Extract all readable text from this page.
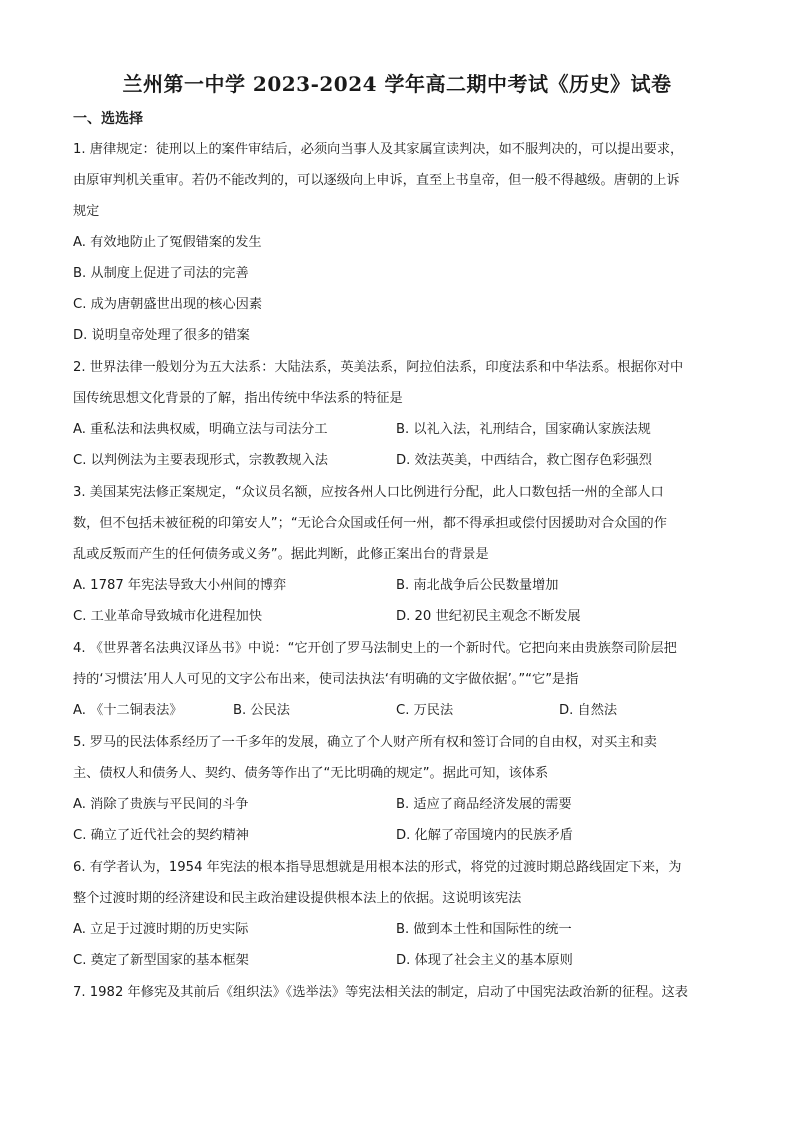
兰州第一中学 2023-2024 学年高二期中考试《历史》试卷
一、选选择
1. 唐律规定：徒刑以上的案件审结后，必须向当事人及其家属宣读判决，如不服判决的，可以提出要求，
由原审判机关重审。若仍不能改判的，可以逐级向上申诉，直至上书皇帝，但一般不得越级。唐朝的上诉
规定
A. 有效地防止了冤假错案的发生
B. 从制度上促进了司法的完善
C. 成为唐朝盛世出现的核心因素
D. 说明皇帝处理了很多的错案
2. 世界法律一般划分为五大法系：大陆法系，英美法系，阿拉伯法系，印度法系和中华法系。根据你对中
国传统思想文化背景的了解，指出传统中华法系的特征是
A. 重私法和法典权威，明确立法与司法分工	B. 以礼入法，礼刑结合，国家确认家族法规
C. 以判例法为主要表现形式，宗教教规入法	D. 效法英美，中西结合，救亡图存色彩强烈
3. 美国某宪法修正案规定，“众议员名额，应按各州人口比例进行分配，此人口数包括一州的全部人口
数，但不包括未被征税的印第安人”；“无论合众国或任何一州，都不得承担或偿付因援助对合众国的作
乱或反叛而产生的任何债务或义务”。据此判断，此修正案出台的背景是
A. 1787 年宪法导致大小州间的博弈	B. 南北战争后公民数量增加
C. 工业革命导致城市化进程加快	D. 20 世纪初民主观念不断发展
4. 《世界著名法典汉译丛书》中说：“它开创了罗马法制史上的一个新时代。它把向来由贵族祭司阶层把
持的‘习惯法’用人人可见的文字公布出来，使司法执法‘有明确的文字做依据’。”“它”是指
A. 《十二铜表法》	B. 公民法	C. 万民法	D. 自然法
5. 罗马的民法体系经历了一千多年的发展，确立了个人财产所有权和签订合同的自由权，对买主和卖
主、债权人和债务人、契约、债务等作出了“无比明确的规定”。据此可知，该体系
A. 消除了贵族与平民间的斗争	B. 适应了商品经济发展的需要
C. 确立了近代社会的契约精神	D. 化解了帝国境内的民族矛盾
6. 有学者认为，1954 年宪法的根本指导思想就是用根本法的形式，将党的过渡时期总路线固定下来，为
整个过渡时期的经济建设和民主政治建设提供根本法上的依据。这说明该宪法
A. 立足于过渡时期的历史实际	B. 做到本土性和国际性的统一
C. 奠定了新型国家的基本框架	D. 体现了社会主义的基本原则
7. 1982 年修宪及其前后《组织法》《选举法》等宪法相关法的制定，启动了中国宪法政治新的征程。这表
